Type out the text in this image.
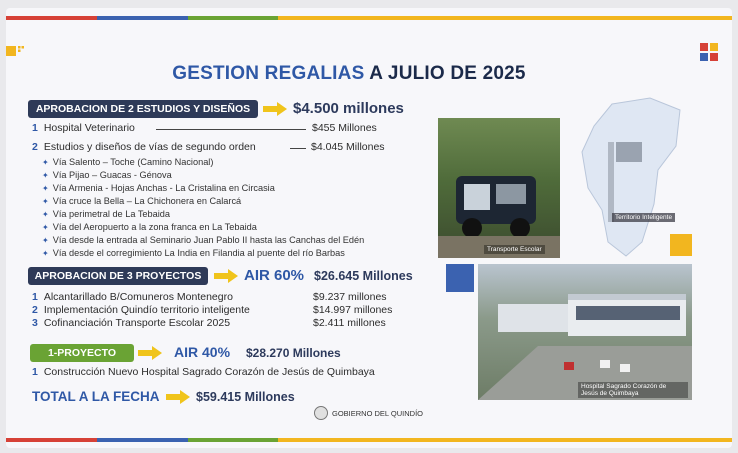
GESTION REGALIAS A JULIO DE 2025
APROBACION DE 2 ESTUDIOS Y DISEÑOS	$4.500 millones
1 Hospital Veterinario	$455 Millones
2 Estudios y diseños de vías de segundo orden	$4.045 Millones
✦ Vía Salento – Toche (Camino Nacional)
✦ Vía Pijao – Guacas - Génova
✦ Vía Armenia - Hojas Anchas - La Cristalina en Circasia
✦ Vía cruce la Bella – La Chichonera en Calarcá
✦ Vía perimetral de La Tebaida
✦ Vía del Aeropuerto a la zona franca en La Tebaida
✦ Vía desde la entrada al Seminario Juan Pablo II hasta las Canchas del Edén
✦ Vía desde el corregimiento La India en Filandia al puente del río Barbas
APROBACION DE 3 PROYECTOS	AIR 60% $26.645 Millones
1 Alcantarillado B/Comuneros Montenegro	$9.237 millones
2 Implementación Quindío territorio inteligente	$14.997 millones
3 Cofinanciación Transporte Escolar 2025	$2.411 millones
1-PROYECTO	AIR 40% $28.270 Millones
1 Construcción Nuevo Hospital Sagrado Corazón de Jesús de Quimbaya
TOTAL A LA FECHA	$59.415 Millones
GOBIERNO DEL QUINDÍO
Transporte Escolar
Territorio Inteligente
Hospital Sagrado Corazón de Jesús de Quimbaya
